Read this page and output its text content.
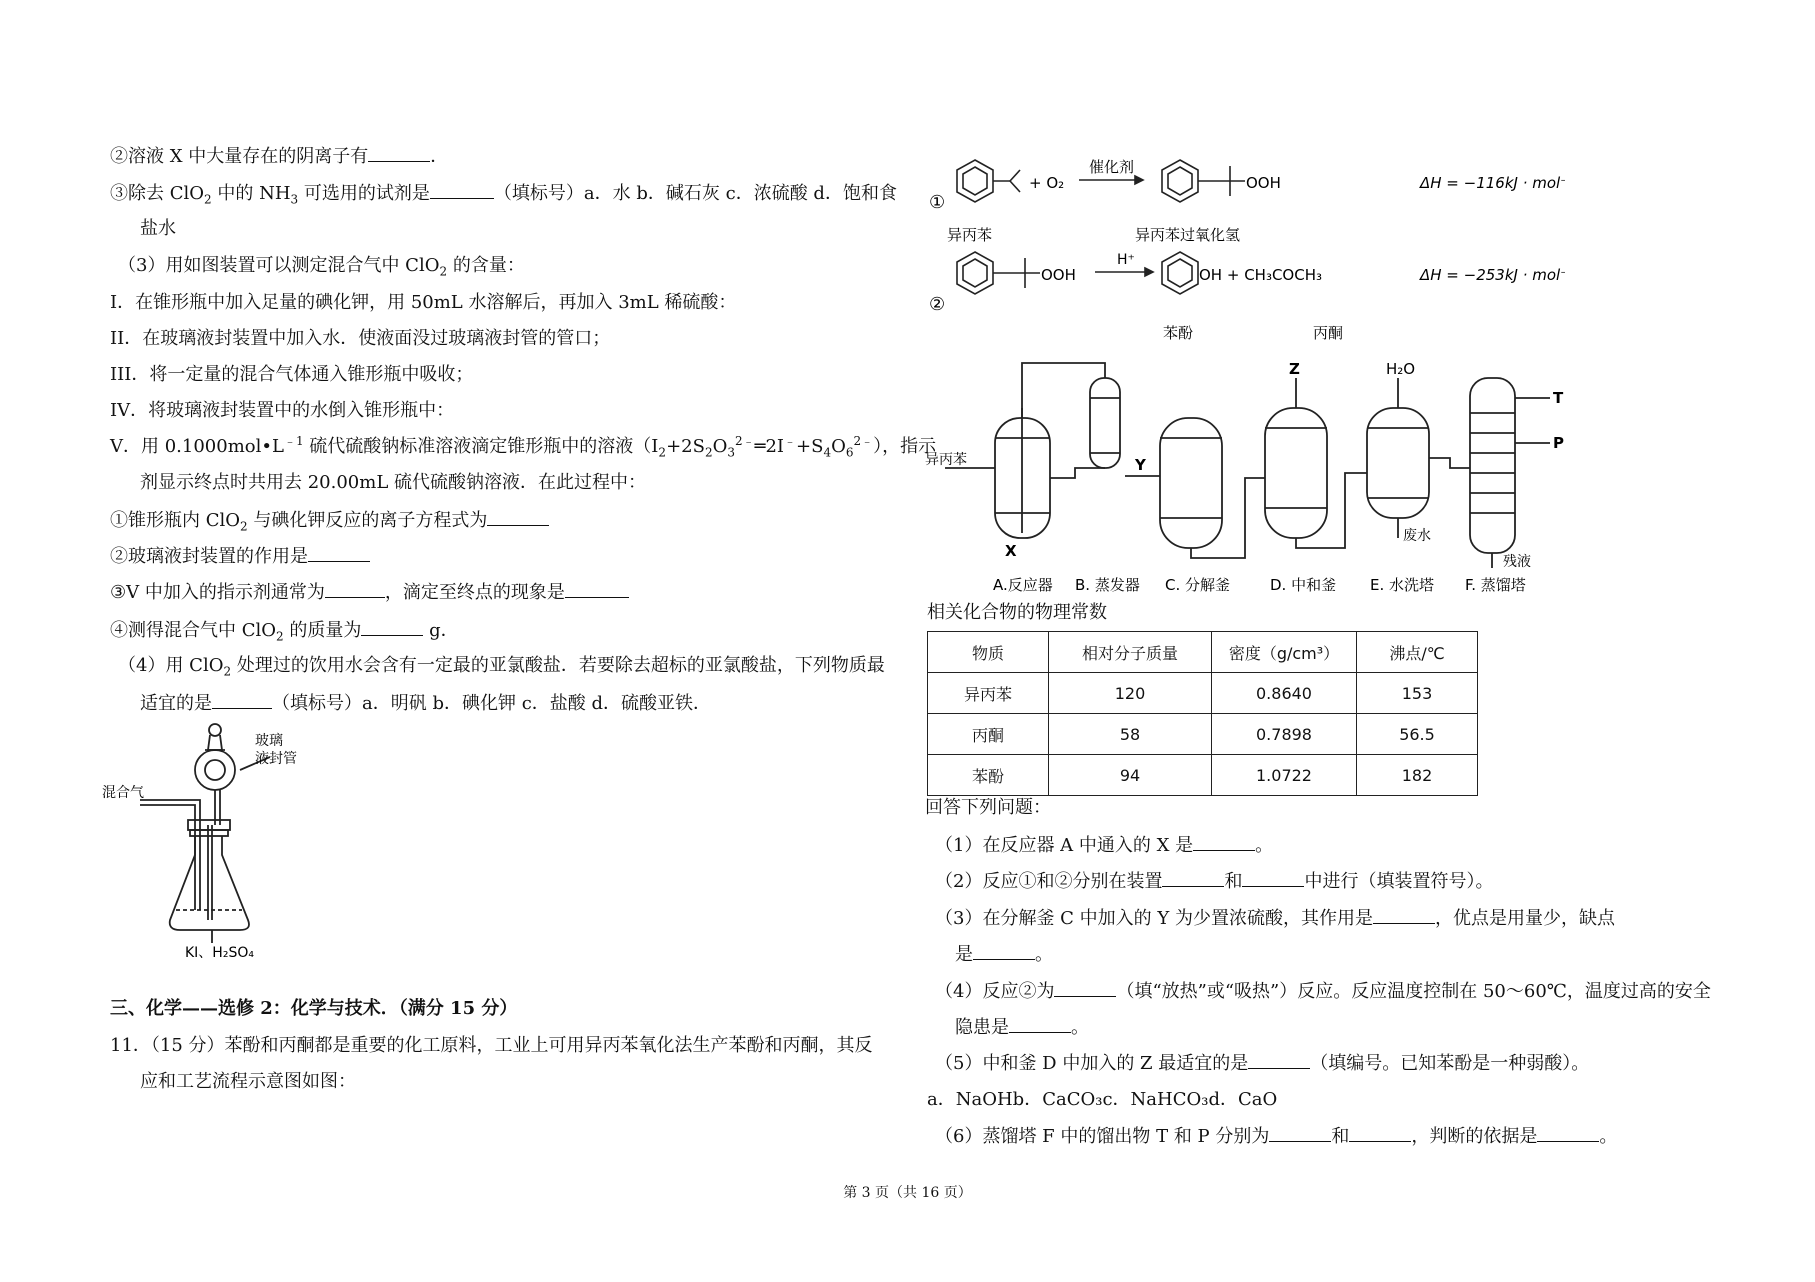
②溶液 X 中大量存在的阴离子有	．
③除去 ClO$_2$ 中的 $NH_3$ 可选用的试剂是	（填标号）a．水 b．碱石灰 c．浓硫酸 d．饱和食
盐水
（3）用如图装置可以测定混合气中 ClO$_2$ 的含量：
I．在锥形瓶中加入足量的碘化钾，用 50mL 水溶解后，再加入 3mL 稀硫酸：
II．在玻璃液封装置中加入水．使液面没过玻璃液封管的管口；
III．将一定量的混合气体通入锥形瓶中吸收；
IV．将玻璃液封装置中的水倒入锥形瓶中：
V．用 $0.1000mol•L^{﹣1}$ 硫代硫酸钠标准溶液滴定锥形瓶中的溶液$(I_2+2S_2O_3^{2﹣}═2I^﹣+S_4O_6^{2﹣})$，指示
剂显示终点时共用去 20.00mL 硫代硫酸钠溶液．在此过程中：
①锥形瓶内 ClO$_2$ 与碘化钾反应的离子方程式为
②玻璃液封装置的作用是
③V 中加入的指示剂通常为	，滴定至终点的现象是
④测得混合气中 ClO$_2$ 的质量为	g．
（4）用 ClO$_2$ 处理过的饮用水会含有一定最的亚氯酸盐．若要除去超标的亚氯酸盐，下列物质最
适宜的是	（填标号）a．明矾 b．碘化钾 c．盐酸 d．硫酸亚铁．
玻璃
液封管
混合气
KI、H₂SO₄
三、化学——选修 2：化学与技术．（满分 15 分）
11．（15 分）苯酚和丙酮都是重要的化工原料，工业上可用异丙苯氧化法生产苯酚和丙酮，其反
应和工艺流程示意图如图：
①
+ O₂
催化剂
OOH	ΔH = −116kJ · mol⁻¹
异丙苯	异丙苯过氧化氢
②
OOH
H⁺
OH + CH₃COCH₃	ΔH = −253kJ · mol⁻¹
苯酚	丙酮
异丙苯
X
Y
Z	H₂O
T
P
废水
残液
A.反应器 B. 蒸发器 C. 分解釜	D. 中和釜 E. 水洗塔 F. 蒸馏塔
相关化合物的物理常数
物质	相对分子质量	密度（g/cm³）	沸点/℃
异丙苯	120	0.8640	153
丙酮	58	0.7898	56.5
苯酚	94	1.0722	182
回答下列问题：
（1）在反应器 A 中通入的 X 是	。
（2）反应①和②分别在装置	和	中进行（填装置符号）。
（3）在分解釜 C 中加入的 Y 为少置浓硫酸，其作用是	，优点是用量少，缺点
是	。
（4）反应②为	（填“放热”或“吸热”）反应。反应温度控制在 50～60℃，温度过高的安全
隐患是	。
（5）中和釜 D 中加入的 Z 最适宜的是	（填编号。已知苯酚是一种弱酸）。
a．NaOHb．CaCO₃c．NaHCO₃d．CaO
（6）蒸馏塔 F 中的馏出物 T 和 P 分别为	和	，判断的依据是	。
第 3 页（共 16 页）
